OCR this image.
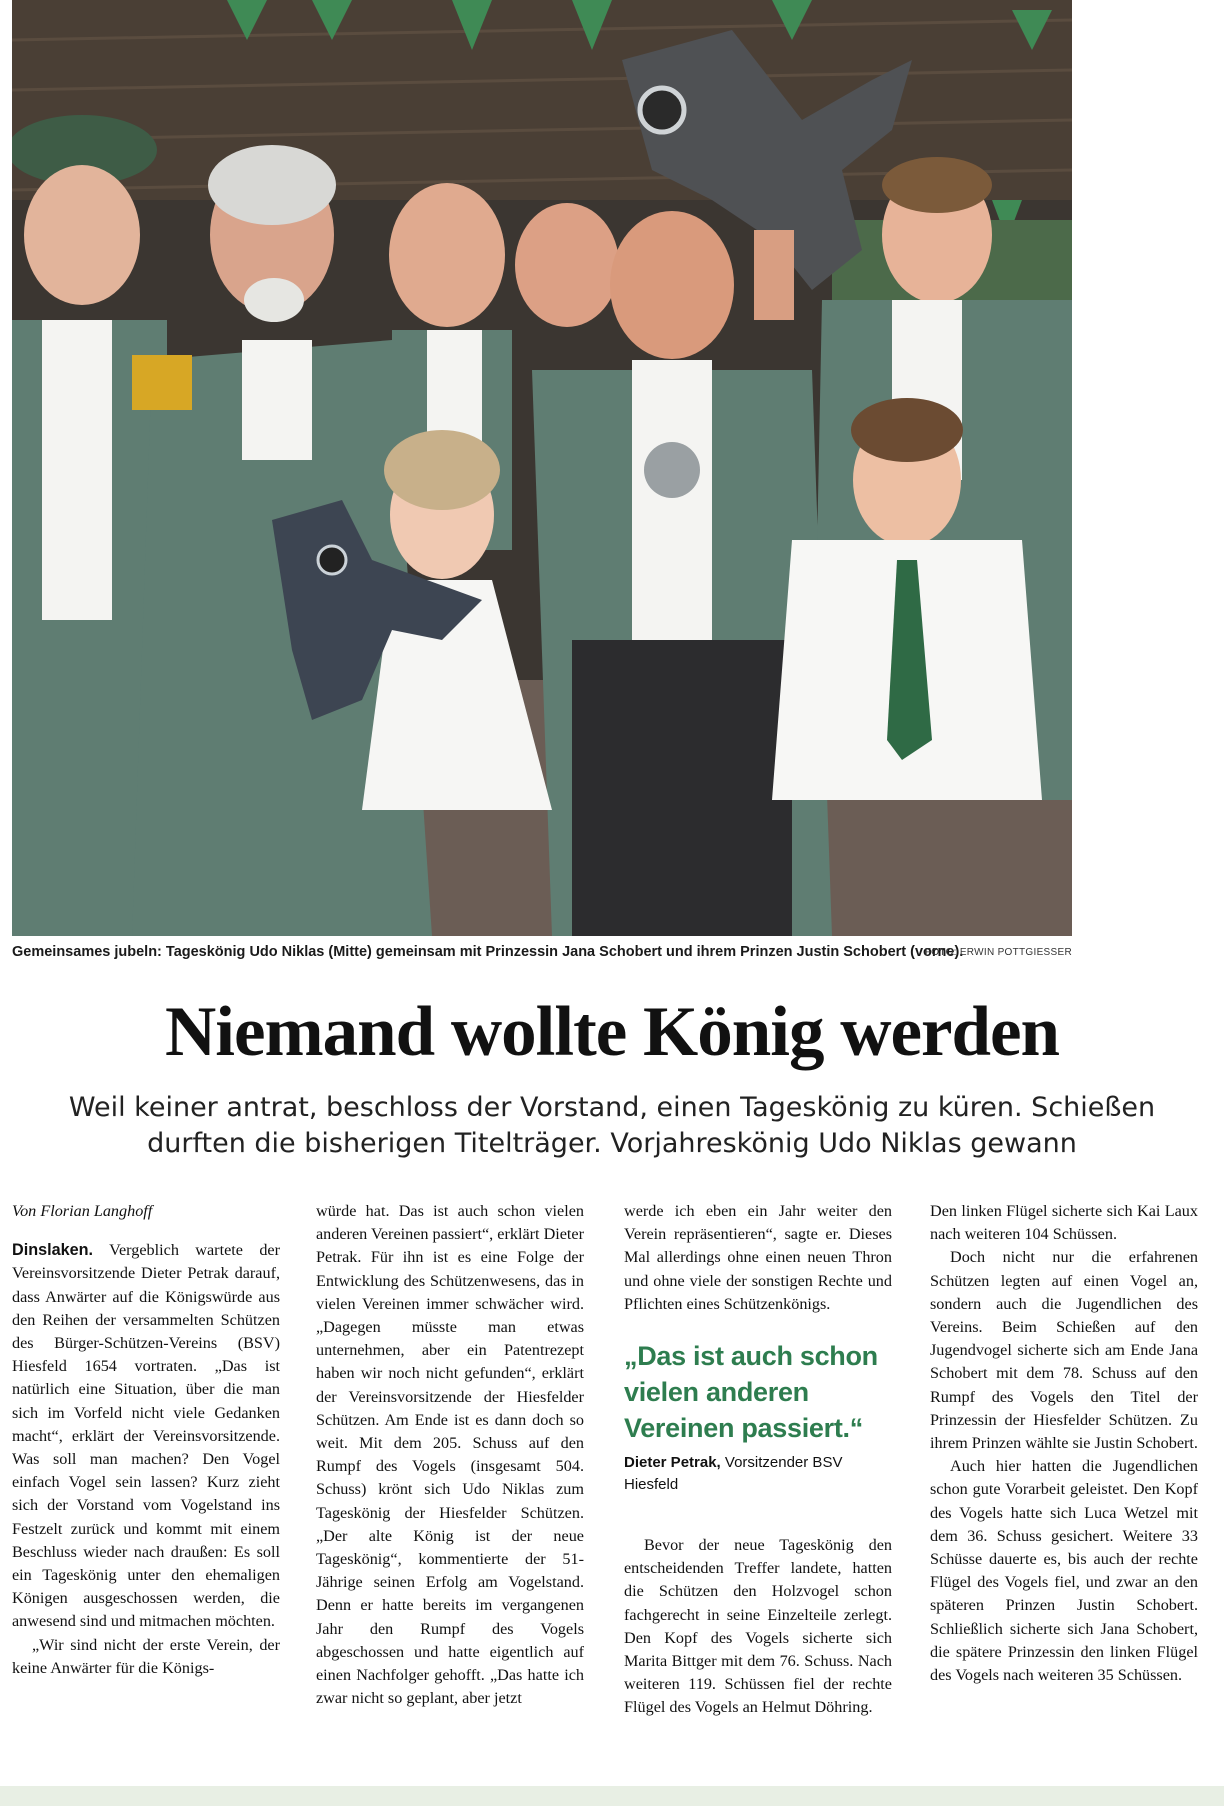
Gemeinsames jubeln: Tageskönig Udo Niklas (Mitte) gemeinsam mit Prinzessin Jana Schobert und ihrem Prinzen Justin Schobert (vorne).
FOTO: ERWIN POTTGIESSER
Niemand wollte König werden
Weil keiner antrat, beschloss der Vorstand, einen Tageskönig zu küren. Schießen
durften die bisherigen Titelträger. Vorjahreskönig Udo Niklas gewann

Von Florian Langhoff

Dinslaken. Vergeblich wartete der Vereinsvorsitzende Dieter Petrak darauf, dass Anwärter auf die Königswürde aus den Reihen der versammelten Schützen des Bürger-Schützen-Vereins (BSV) Hiesfeld 1654 vortraten. „Das ist natürlich eine Situation, über die man sich im Vorfeld nicht viele Gedanken macht“, erklärt der Vereinsvorsitzende. Was soll man machen? Den Vogel einfach Vogel sein lassen? Kurz zieht sich der Vorstand vom Vogelstand ins Festzelt zurück und kommt mit einem Beschluss wieder nach draußen: Es soll ein Tageskönig unter den ehemaligen Königen ausgeschossen werden, die anwesend sind und mitmachen möchten.

„Wir sind nicht der erste Verein, der keine Anwärter für die Königs-

würde hat. Das ist auch schon vielen anderen Vereinen passiert“, erklärt Dieter Petrak. Für ihn ist es eine Folge der Entwicklung des Schützenwesens, das in vielen Vereinen immer schwächer wird. „Dagegen müsste man etwas unternehmen, aber ein Patentrezept haben wir noch nicht gefunden“, erklärt der Vereinsvorsitzende der Hiesfelder Schützen. Am Ende ist es dann doch so weit. Mit dem 205. Schuss auf den Rumpf des Vogels (insgesamt 504. Schuss) krönt sich Udo Niklas zum Tageskönig der Hiesfelder Schützen. „Der alte König ist der neue Tageskönig“, kommentierte der 51-Jährige seinen Erfolg am Vogelstand. Denn er hatte bereits im vergangenen Jahr den Rumpf des Vogels abgeschossen und hatte eigentlich auf einen Nachfolger gehofft. „Das hatte ich zwar nicht so geplant, aber jetzt

werde ich eben ein Jahr weiter den Verein repräsentieren“, sagte er. Dieses Mal allerdings ohne einen neuen Thron und ohne viele der sonstigen Rechte und Pflichten eines Schützenkönigs.

„Das ist auch schon vielen anderen Vereinen passiert.“
Dieter Petrak, Vorsitzender BSV Hiesfeld

Bevor der neue Tageskönig den entscheidenden Treffer landete, hatten die Schützen den Holzvogel schon fachgerecht in seine Einzelteile zerlegt. Den Kopf des Vogels sicherte sich Marita Bittger mit dem 76. Schuss. Nach weiteren 119. Schüssen fiel der rechte Flügel des Vogels an Helmut Döhring.

Den linken Flügel sicherte sich Kai Laux nach weiteren 104 Schüssen.

Doch nicht nur die erfahrenen Schützen legten auf einen Vogel an, sondern auch die Jugendlichen des Vereins. Beim Schießen auf den Jugendvogel sicherte sich am Ende Jana Schobert mit dem 78. Schuss auf den Rumpf des Vogels den Titel der Prinzessin der Hiesfelder Schützen. Zu ihrem Prinzen wählte sie Justin Schobert.

Auch hier hatten die Jugendlichen schon gute Vorarbeit geleistet. Den Kopf des Vogels hatte sich Luca Wetzel mit dem 36. Schuss gesichert. Weitere 33 Schüsse dauerte es, bis auch der rechte Flügel des Vogels fiel, und zwar an den späteren Prinzen Justin Schobert. Schließlich sicherte sich Jana Schobert, die spätere Prinzessin den linken Flügel des Vogels nach weiteren 35 Schüssen.
